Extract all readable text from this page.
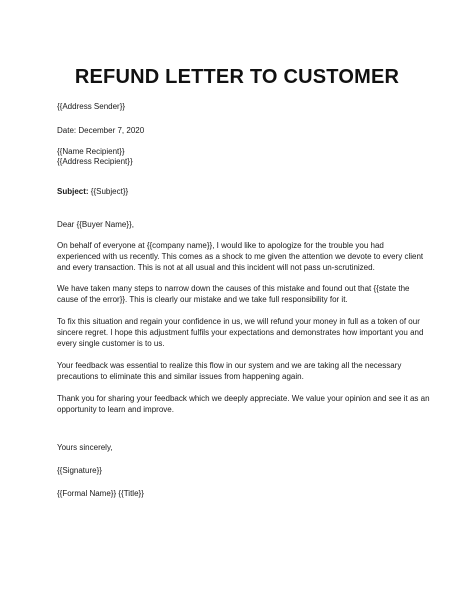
REFUND LETTER TO CUSTOMER
{{Address Sender}}
Date: December 7, 2020
{{Name Recipient}}
{{Address Recipient}}
Subject: {{Subject}}
Dear {{Buyer Name}},
On behalf of everyone at {{company name}}, I would like to apologize for the trouble you had
experienced with us recently. This comes as a shock to me given the attention we devote to every client
and every transaction. This is not at all usual and this incident will not pass un-scrutinized.
We have taken many steps to narrow down the causes of this mistake and found out that {{state the
cause of the error}}. This is clearly our mistake and we take full responsibility for it.
To fix this situation and regain your confidence in us, we will refund your money in full as a token of our
sincere regret. I hope this adjustment fulfils your expectations and demonstrates how important you and
every single customer is to us.
Your feedback was essential to realize this flow in our system and we are taking all the necessary
precautions to eliminate this and similar issues from happening again.
Thank you for sharing your feedback which we deeply appreciate. We value your opinion and see it as an
opportunity to learn and improve.
Yours sincerely,
{{Signature}}
{{Formal Name}} {{Title}}
